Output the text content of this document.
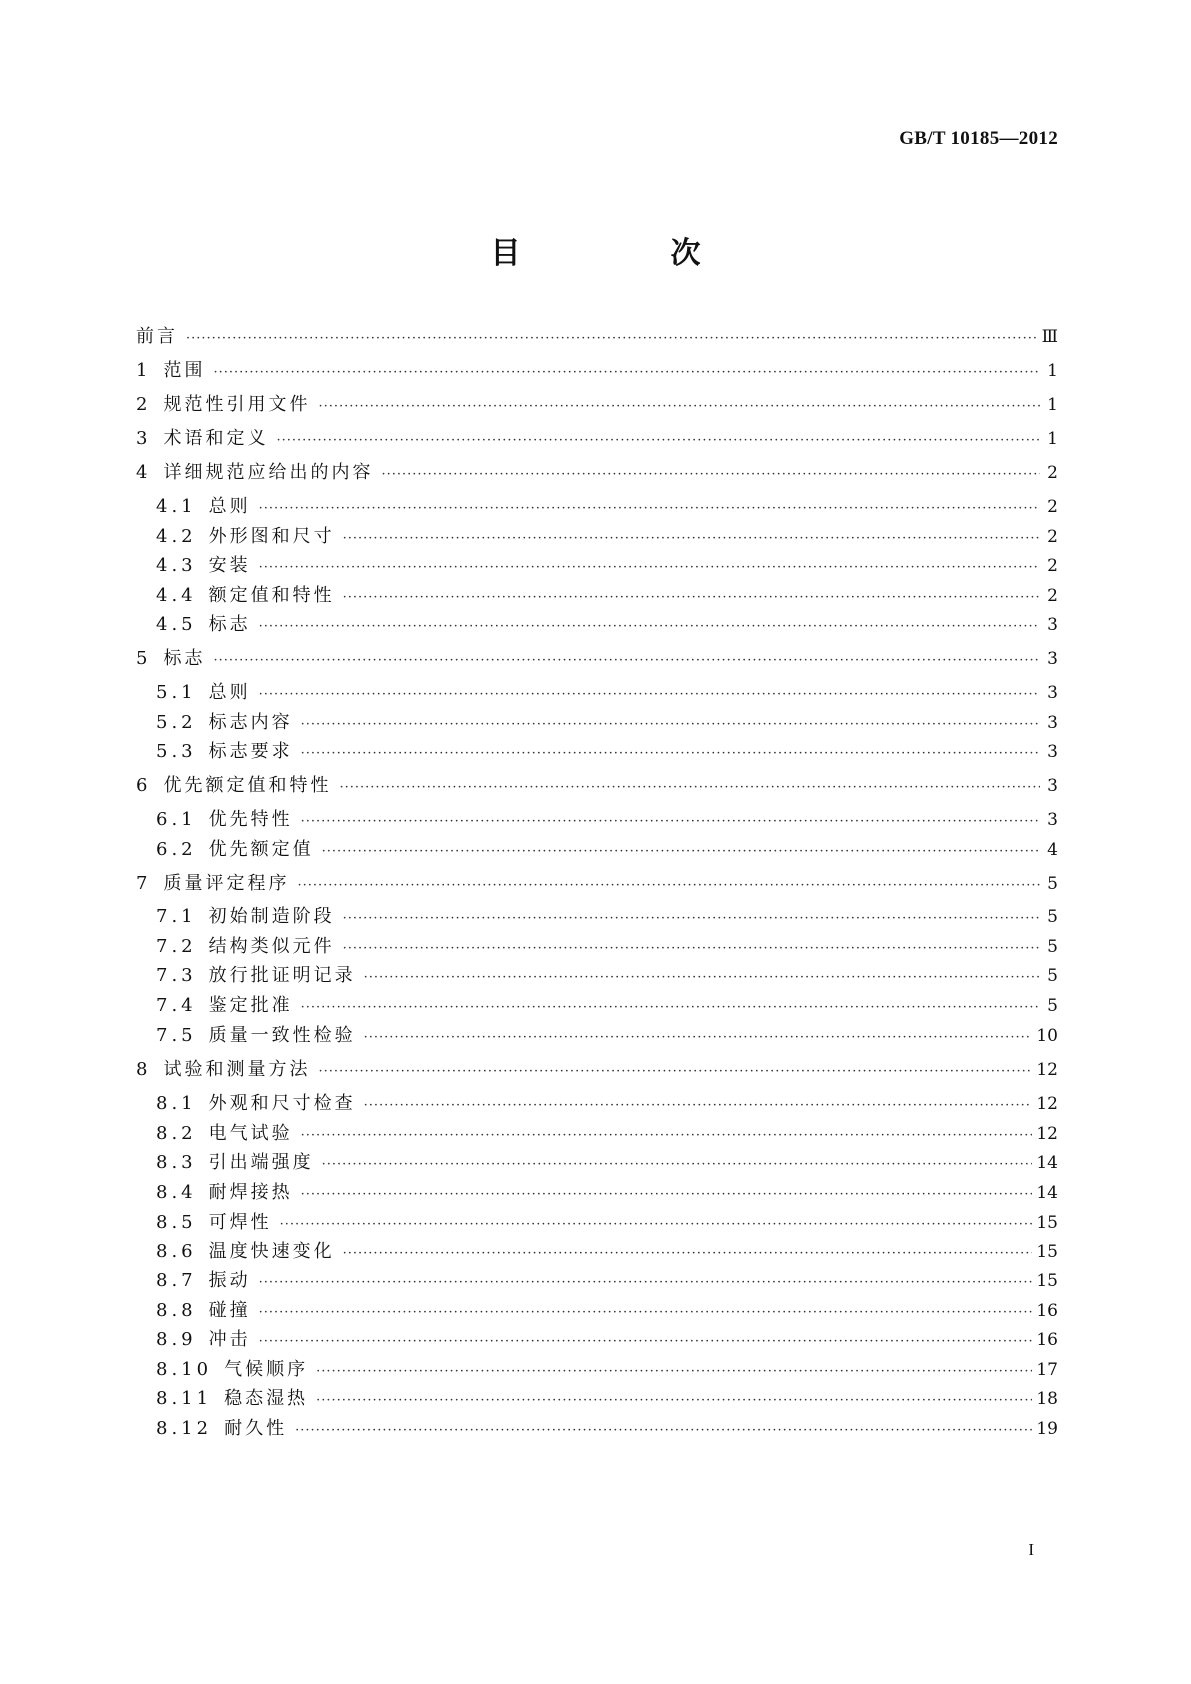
GB/T 10185—2012
目　次
前言 ·····	Ⅲ
1 范围 ·····	1
2 规范性引用文件 ·····	1
3 术语和定义 ·····	1
4 详细规范应给出的内容 ·····	2
4.1 总则 ·····	2
4.2 外形图和尺寸 ·····	2
4.3 安装 ·····	2
4.4 额定值和特性 ·····	2
4.5 标志 ·····	3
5 标志 ·····	3
5.1 总则 ·····	3
5.2 标志内容 ·····	3
5.3 标志要求 ·····	3
6 优先额定值和特性 ·····	3
6.1 优先特性 ·····	3
6.2 优先额定值 ·····	4
7 质量评定程序 ·····	5
7.1 初始制造阶段 ·····	5
7.2 结构类似元件 ·····	5
7.3 放行批证明记录 ·····	5
7.4 鉴定批准 ·····	5
7.5 质量一致性检验 ·····	10
8 试验和测量方法 ·····	12
8.1 外观和尺寸检查 ·····	12
8.2 电气试验 ·····	12
8.3 引出端强度 ·····	14
8.4 耐焊接热 ·····	14
8.5 可焊性 ·····	15
8.6 温度快速变化 ·····	15
8.7 振动 ·····	15
8.8 碰撞 ·····	16
8.9 冲击 ·····	16
8.10 气候顺序 ·····	17
8.11 稳态湿热 ·····	18
8.12 耐久性 ·····	19
I
